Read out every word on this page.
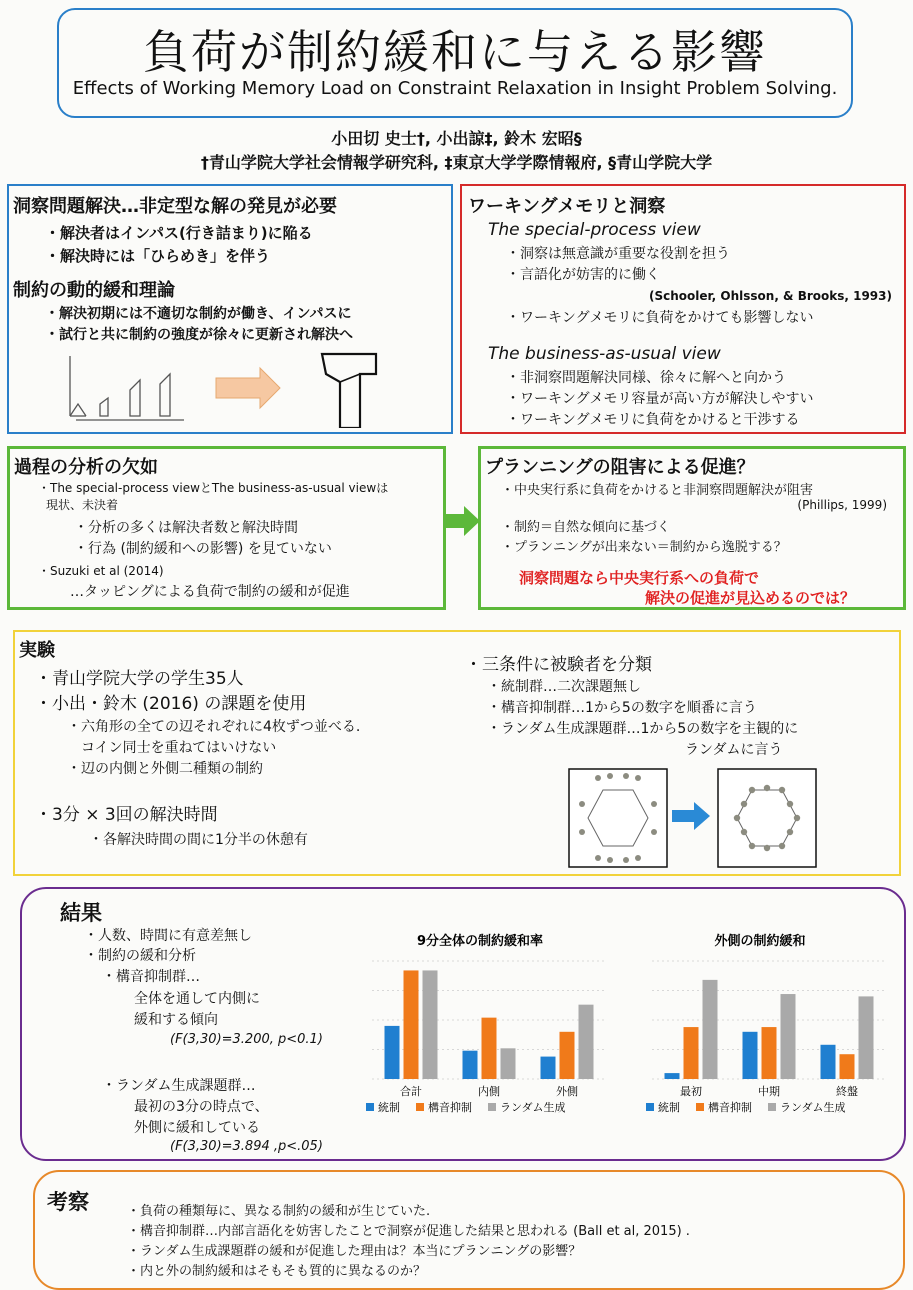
負荷が制約緩和に与える影響
Effects of Working Memory Load on Constraint Relaxation in Insight Problem Solving.
小田切 史士†, 小出諒‡, 鈴木 宏昭§
†青山学院大学社会情報学研究科, ‡東京大学学際情報府, §青山学院大学
洞察問題解決…非定型な解の発見が必要
・解決者はインパス(行き詰まり)に陥る
・解決時には「ひらめき」を伴う
制約の動的緩和理論
・解決初期には不適切な制約が働き、インパスに
・試行と共に制約の強度が徐々に更新され解決へ
ワーキングメモリと洞察
The special-process view
・洞察は無意識が重要な役割を担う
・言語化が妨害的に働く
(Schooler, Ohlsson, & Brooks, 1993)
・ワーキングメモリに負荷をかけても影響しない
The business-as-usual view
・非洞察問題解決同様、徐々に解へと向かう
・ワーキングメモリ容量が高い方が解決しやすい
・ワーキングメモリに負荷をかけると干渉する
過程の分析の欠如
・The special-process viewとThe business-as-usual viewは
現状、未決着
・分析の多くは解決者数と解決時間
・行為 (制約緩和への影響) を見ていない
・Suzuki et al (2014)
…タッピングによる負荷で制約の緩和が促進
プランニングの阻害による促進？
・中央実行系に負荷をかけると非洞察問題解決が阻害
(Phillips, 1999)
・制約＝自然な傾向に基づく
・プランニングが出来ない＝制約から逸脱する？
洞察問題なら中央実行系への負荷で
解決の促進が見込めるのでは？
実験
・青山学院大学の学生35人
・小出・鈴木 (2016) の課題を使用
・六角形の全ての辺それぞれに4枚ずつ並べる.
コイン同士を重ねてはいけない
・辺の内側と外側二種類の制約
・3分 × 3回の解決時間
・各解決時間の間に1分半の休憩有
・三条件に被験者を分類
・統制群…二次課題無し
・構音抑制群…1から5の数字を順番に言う
・ランダム生成課題群…1から5の数字を主観的に
ランダムに言う
結果
・人数、時間に有意差無し
・制約の緩和分析
・構音抑制群…
全体を通して内側に
緩和する傾向
(F(3,30)=3.200, p<0.1)
・ランダム生成課題群…
最初の3分の時点で、
外側に緩和している
(F(3,30)=3.894 ,p<.05)
9分全体の制約緩和率
合計	内側	外側
統制	構音抑制	ランダム生成
外側の制約緩和
最初	中期	終盤
統制	構音抑制	ランダム生成
考察	・負荷の種類毎に、異なる制約の緩和が生じていた.
・構音抑制群…内部言語化を妨害したことで洞察が促進した結果と思われる (Ball et al, 2015) .
・ランダム生成課題群の緩和が促進した理由は？本当にプランニングの影響？
・内と外の制約緩和はそもそも質的に異なるのか？
